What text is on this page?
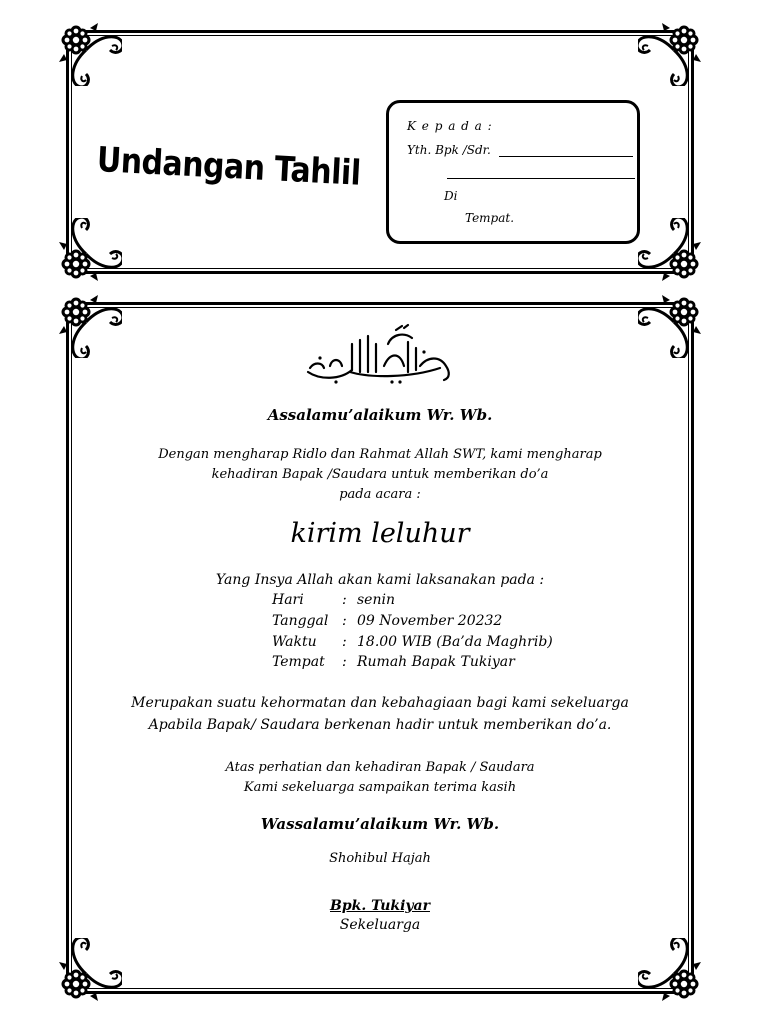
Undangan Tahlil
K e p a d a :
Yth. Bpk /Sdr.
Di
Tempat.
Assalamu’alaikum Wr. Wb.
Dengan mengharap Ridlo dan Rahmat Allah SWT, kami mengharap
kehadiran Bapak /Saudara untuk memberikan do’a
pada acara :
kirim leluhur
Yang Insya Allah akan kami laksanakan pada :
Hari	: senin
Tanggal : 09 November 20232
Waktu : 18.00 WIB (Ba’da Maghrib)
Tempat : Rumah Bapak Tukiyar
Merupakan suatu kehormatan dan kebahagiaan bagi kami sekeluarga
Apabila Bapak/ Saudara berkenan hadir untuk memberikan do’a.
Atas perhatian dan kehadiran Bapak / Saudara
Kami sekeluarga sampaikan terima kasih
Wassalamu’alaikum Wr. Wb.
Shohibul Hajah
Bpk. Tukiyar
Sekeluarga
